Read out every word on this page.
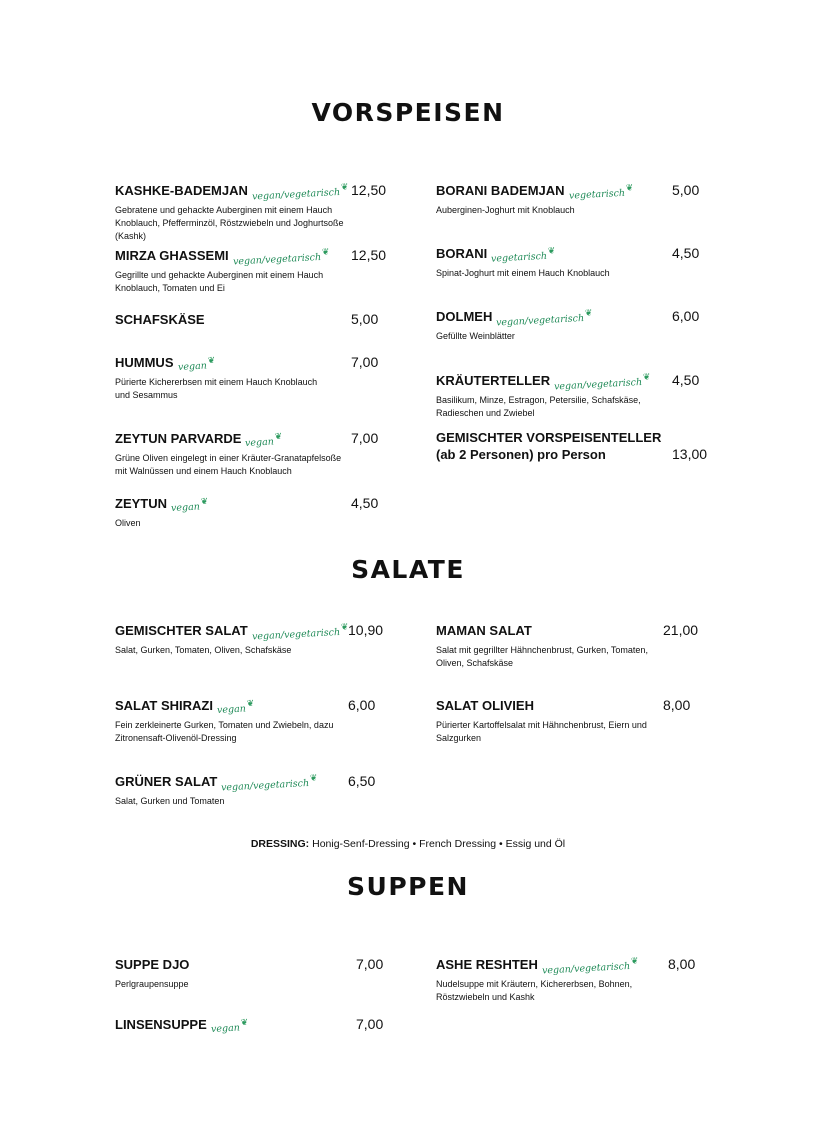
VORSPEISEN
SALATE
SUPPEN
KASHKE-BADEMJAN vegan/vegetarisch❦ 12,50
Gebratene und gehackte Auberginen mit einem Hauch
Knoblauch, Pfefferminzöl, Röstzwiebeln und Joghurtsoße
(Kashk)
MIRZA GHASSEMI vegan/vegetarisch❦ 12,50
Gegrillte und gehackte Auberginen mit einem Hauch
Knoblauch, Tomaten und Ei
SCHAFSKÄSE	5,00
HUMMUS vegan❦	7,00
Pürierte Kichererbsen mit einem Hauch Knoblauch
und Sesammus
ZEYTUN PARVARDE vegan❦	7,00
Grüne Oliven eingelegt in einer Kräuter-Granatapfelsoße
mit Walnüssen und einem Hauch Knoblauch
ZEYTUN vegan❦	4,50
Oliven
BORANI BADEMJAN vegetarisch❦	5,00
Auberginen-Joghurt mit Knoblauch
BORANI vegetarisch❦	4,50
Spinat-Joghurt mit einem Hauch Knoblauch
DOLMEH vegan/vegetarisch❦	6,00
Gefüllte Weinblätter
KRÄUTERTELLER vegan/vegetarisch❦ 4,50
Basilikum, Minze, Estragon, Petersilie, Schafskäse,
Radieschen und Zwiebel
GEMISCHTER VORSPEISENTELLER
(ab 2 Personen) pro Person	13,00
GEMISCHTER SALAT vegan/vegetarisch❦ 10,90
Salat, Gurken, Tomaten, Oliven, Schafskäse
SALAT SHIRAZI vegan❦	6,00
Fein zerkleinerte Gurken, Tomaten und Zwiebeln, dazu
Zitronensaft-Olivenöl-Dressing
GRÜNER SALAT vegan/vegetarisch❦ 6,50
Salat, Gurken und Tomaten
MAMAN SALAT	21,00
Salat mit gegrillter Hähnchenbrust, Gurken, Tomaten,
Oliven, Schafskäse
SALAT OLIVIEH	8,00
Pürierter Kartoffelsalat mit Hähnchenbrust, Eiern und
Salzgurken
SUPPE DJO	7,00
Perlgraupensuppe
LINSENSUPPE vegan❦	7,00
ASHE RESHTEH vegan/vegetarisch❦ 8,00
Nudelsuppe mit Kräutern, Kichererbsen, Bohnen,
Röstzwiebeln und Kashk
DRESSING: Honig-Senf-Dressing • French Dressing • Essig und Öl
